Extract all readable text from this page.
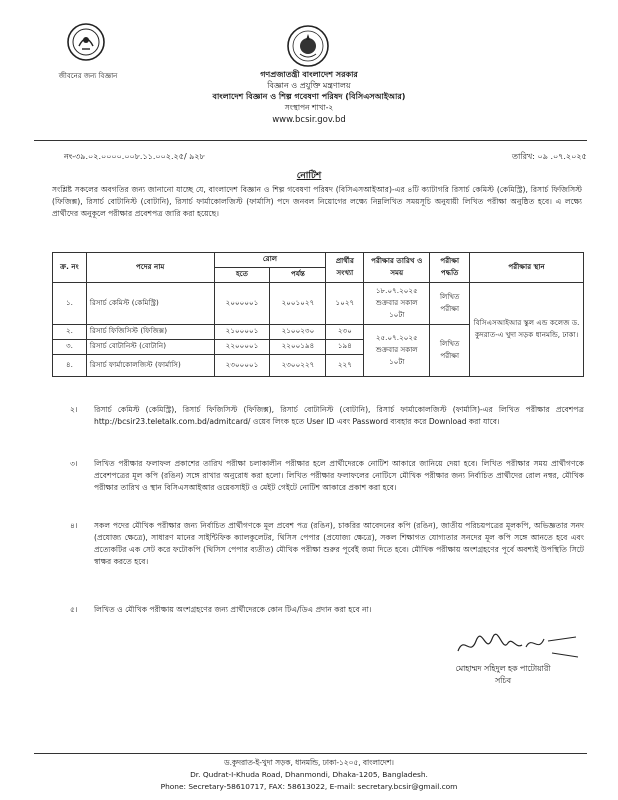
জীবনের জন্য বিজ্ঞান	গণপ্রজাতন্ত্রী বাংলাদেশ সরকার
বিজ্ঞান ও প্রযুক্তি মন্ত্রণালয়
বাংলাদেশ বিজ্ঞান ও শিল্প গবেষণা পরিষদ (বিসিএসআইআর)
সংস্থাপন শাখা-২
www.bcsir.gov.bd
নং-৩৯.০২.০০০০.০০৮.১১.০০২.২৫/ ৯২৮	তারিখ: ০৯ .০৭.২০২৫
নোটিশ
সংশ্লিষ্ট সকলের অবগতির জন্য জানানো যাচ্ছে যে, বাংলাদেশ বিজ্ঞান ও শিল্প গবেষণা পরিষদ (বিসিএসআইআর)-এর ৪টি ক্যাটাগরি রিসার্চ কেমিস্ট (কেমিস্ট্রি), রিসার্চ ফিজিসিস্ট (ফিজিক্স), রিসার্চ বোটানিস্ট (বোটানি), রিসার্চ ফার্মাকোলজিস্ট (ফার্মাসি) পদে জনবল নিয়োগের লক্ষ্যে নিম্নলিখিত সময়সূচি অনুযায়ী লিখিত পরীক্ষা অনুষ্ঠিত হবে। এ লক্ষ্যে প্রার্থীদের অনুকূলে পরীক্ষার প্রবেশপত্র জারি করা হয়েছে।
ক্র. নং	পদের নাম	রোল		প্রার্থীর সংখ্যা	পরীক্ষার তারিখ ও সময়	পরীক্ষা পদ্ধতি	পরীক্ষার স্থান
		হতে	পর্যন্ত				
১.	রিসার্চ কেমিস্ট (কেমিস্ট্রি)	২০০০০০১	২০০১০২৭	১০২৭	১৮.০৭.২০২৫ শুক্রবার সকাল ১০টা	লিখিত পরীক্ষা	বিসিএসআইআর স্কুল এন্ড কলেজ ড. কুদরাত-এ খুদা সড়ক ধানমন্ডি, ঢাকা।
২.	রিসার্চ ফিজিসিস্ট (ফিজিক্স)	২১০০০০১	২১০০২৩০	২৩০	২৫.০৭.২০২৫ শুক্রবার সকাল ১০টা	লিখিত পরীক্ষা	
৩.	রিসার্চ বোটানিস্ট (বোটানি)	২২০০০০১	২২০০১৯৪	১৯৪			
৪.	রিসার্চ ফার্মাকোলজিস্ট (ফার্মাসি)	২৩০০০০১	২৩০০২২৭	২২৭			
২।	রিসার্চ কেমিস্ট (কেমিস্ট্রি), রিসার্চ ফিজিসিস্ট (ফিজিক্স), রিসার্চ বোটানিস্ট (বোটানি), রিসার্চ ফার্মাকোলজিস্ট (ফার্মাসি)-এর লিখিত পরীক্ষার প্রবেশপত্র http://bcsir23.teletalk.com.bd/admitcard/ ওয়েব লিংক হতে User ID এবং Password ব্যবহার করে Download করা যাবে।
৩।	লিখিত পরীক্ষার ফলাফল প্রকাশের তারিখ পরীক্ষা চলাকালীন পরীক্ষার হলে প্রার্থীদেরকে নোটিশ আকারে জানিয়ে দেয়া হবে। লিখিত পরীক্ষার সময় প্রার্থীগণকে প্রবেশপত্রের মূল কপি (রঙিন) সঙ্গে রাখার অনুরোধ করা হলো। লিখিত পরীক্ষার ফলাফলের নোটিসে মৌখিক পরীক্ষার জন্য নির্বাচিত প্রার্থীদের রোল নম্বর, মৌখিক পরীক্ষার তারিখ ও স্থান বিসিএসআইআর ওয়েবসাইট ও মেইট গেইটে নোটিশ আকারে প্রকাশ করা হবে।
৪।	সকল পদের মৌখিক পরীক্ষার জন্য নির্বাচিত প্রার্থীগণকে মূল প্রবেশ পত্র (রঙিন), চাকরির আবেদনের কপি (রঙিন), জাতীয় পরিচয়পত্রের মূলকপি, অভিজ্ঞতার সনদ (প্রযোজ্য ক্ষেত্রে), সাধারণ মানের সাইন্টিফিক ক্যালকুলেটর, থিসিস পেপার (প্রযোজ্য ক্ষেত্রে), সকল শিক্ষাগত যোগ্যতার সনদের মূল কপি সঙ্গে আনতে হবে এবং প্রত্যেকটির এক সেট করে ফটোকপি (থিসিস পেপার ব্যতীত) মৌখিক পরীক্ষা শুরুর পূর্বেই জমা দিতে হবে। মৌখিক পরীক্ষায় অংশগ্রহণের পূর্বে অবশ্যই উপস্থিতি সিটে স্বাক্ষর করতে হবে।
৫।	লিখিত ও মৌখিক পরীক্ষায় অংশগ্রহণের জন্য প্রার্থীদেরকে কোন টিএ/ডিএ প্রদান করা হবে না।
মোহাম্মদ সহিদুল হক পাটোয়ারী
সচিব
ড.কুদরাত-ই-খুদা সড়ক, ধানমন্ডি, ঢাকা-১২০৫, বাংলাদেশ।
Dr. Qudrat-I-Khuda Road, Dhanmondi, Dhaka-1205, Bangladesh.
Phone: Secretary-58610717, FAX: 58613022, E-mail: secretary.bcsir@gmail.com
